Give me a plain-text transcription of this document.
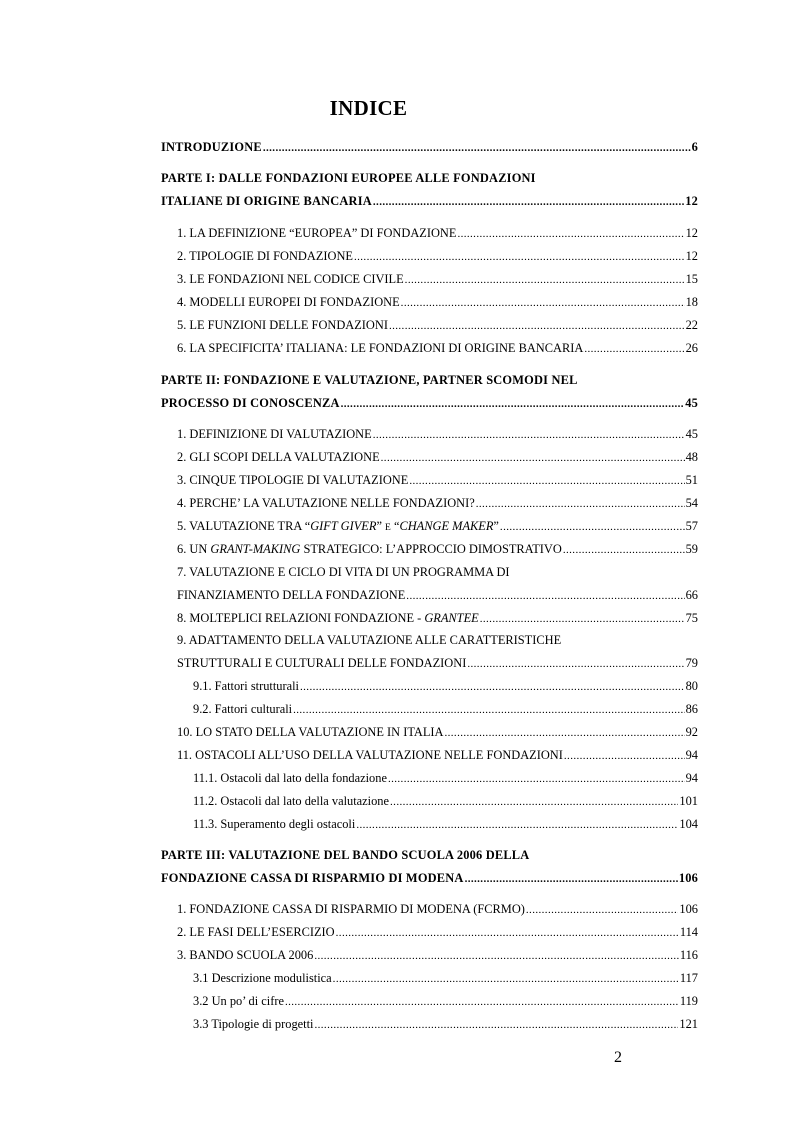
INDICE
INTRODUZIONE .....	6
PARTE I: DALLE FONDAZIONI EUROPEE ALLE FONDAZIONI
ITALIANE DI ORIGINE BANCARIA .....	12
1. LA DEFINIZIONE “EUROPEA” DI FONDAZIONE .....	12
2. TIPOLOGIE DI FONDAZIONE .....	12
3. LE FONDAZIONI NEL CODICE CIVILE .....	15
4. MODELLI EUROPEI DI FONDAZIONE .....	18
5. LE FUNZIONI DELLE FONDAZIONI .....	22
6. LA SPECIFICITA’ ITALIANA: LE FONDAZIONI DI ORIGINE BANCARIA .....	26
PARTE II: FONDAZIONE E VALUTAZIONE, PARTNER SCOMODI NEL
PROCESSO DI CONOSCENZA .....	45
1. DEFINIZIONE DI VALUTAZIONE .....	45
2. GLI SCOPI DELLA VALUTAZIONE .....	48
3. CINQUE TIPOLOGIE DI VALUTAZIONE .....	51
4. PERCHE’ LA VALUTAZIONE NELLE FONDAZIONI? .....	54
5. VALUTAZIONE TRA “GIFT GIVER” E “CHANGE MAKER” .....	57
6. UN GRANT-MAKING STRATEGICO: L’APPROCCIO DIMOSTRATIVO .....	59
7. VALUTAZIONE E CICLO DI VITA DI UN PROGRAMMA DI
FINANZIAMENTO DELLA FONDAZIONE .....	66
8. MOLTEPLICI RELAZIONI FONDAZIONE - GRANTEE .....	75
9. ADATTAMENTO DELLA VALUTAZIONE ALLE CARATTERISTICHE
STRUTTURALI E CULTURALI DELLE FONDAZIONI .....	79
9.1. Fattori strutturali .....	80
9.2. Fattori culturali .....	86
10. LO STATO DELLA VALUTAZIONE IN ITALIA .....	92
11. OSTACOLI ALL’USO DELLA VALUTAZIONE NELLE FONDAZIONI .....	94
11.1. Ostacoli dal lato della fondazione .....	94
11.2. Ostacoli dal lato della valutazione .....	101
11.3. Superamento degli ostacoli .....	104
PARTE III: VALUTAZIONE DEL BANDO SCUOLA 2006 DELLA
FONDAZIONE CASSA DI RISPARMIO DI MODENA .....	106
1. FONDAZIONE CASSA DI RISPARMIO DI MODENA (FCRMO) .....	106
2. LE FASI DELL’ESERCIZIO .....	114
3. BANDO SCUOLA 2006 .....	116
3.1 Descrizione modulistica .....	117
3.2 Un po’ di cifre .....	119
3.3 Tipologie di progetti .....	121
2
